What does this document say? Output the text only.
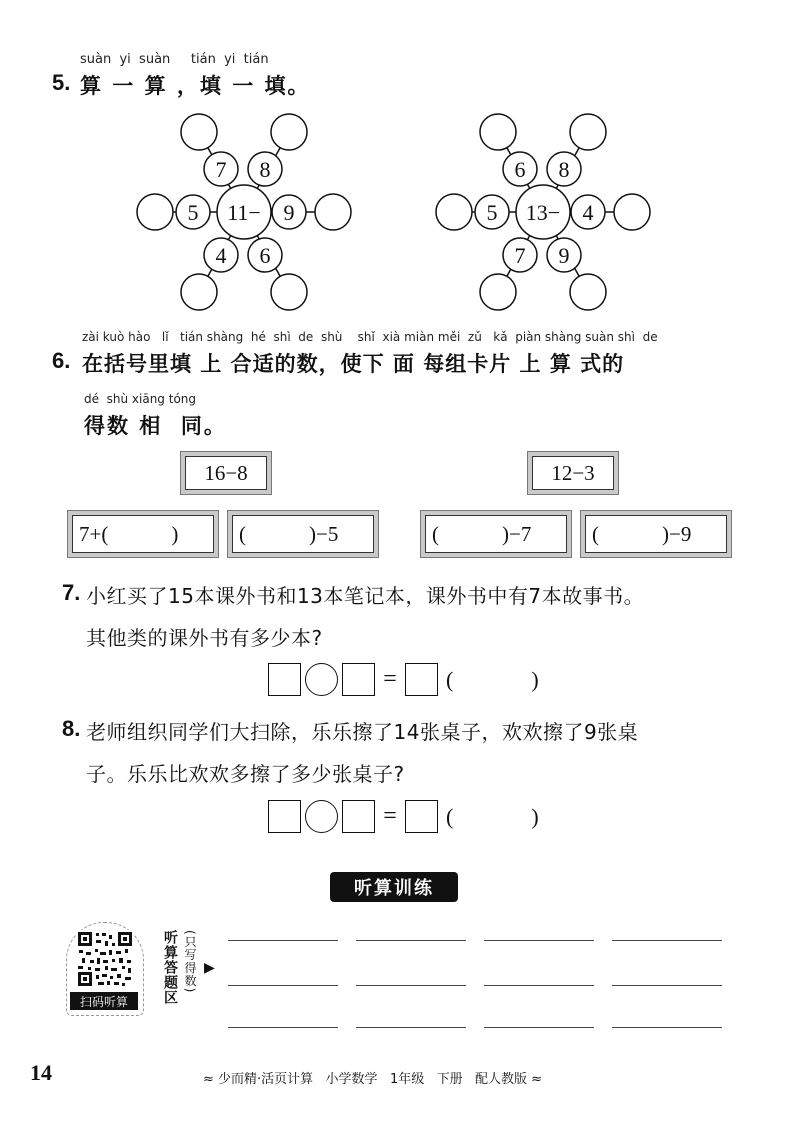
suàn  yi  suàn     tián  yi  tián
5. 算 一 算 ，填 一 填。
11−
5	9
7 8
4 6
13−
5	4
6 8
7 9
zài kuò hào   lǐ   tián shàng  hé  shì  de  shù    shǐ  xià miàn měi  zǔ   kǎ  piàn shàng suàn shì  de
6. 在括号里填 上 合适的数，使下 面 每组卡片 上 算 式的
dé  shù xiāng tóng
得数 相  同。
16−8
7+(            )	(            )−5
12−3
(            )−7	(            )−9
7. 小红买了15本课外书和13本笔记本，课外书中有7本故事书。
其他类的课外书有多少本?
= (	)
8. 老师组织同学们大扫除，乐乐擦了14张桌子，欢欢擦了9张桌
子。乐乐比欢欢多擦了多少张桌子?
= (	)
听算训练
扫码听算	听算答题区 (只写得数) ▶
14	≈ 少而精·活页计算   小学数学   1年级   下册   配人教版 ≈
